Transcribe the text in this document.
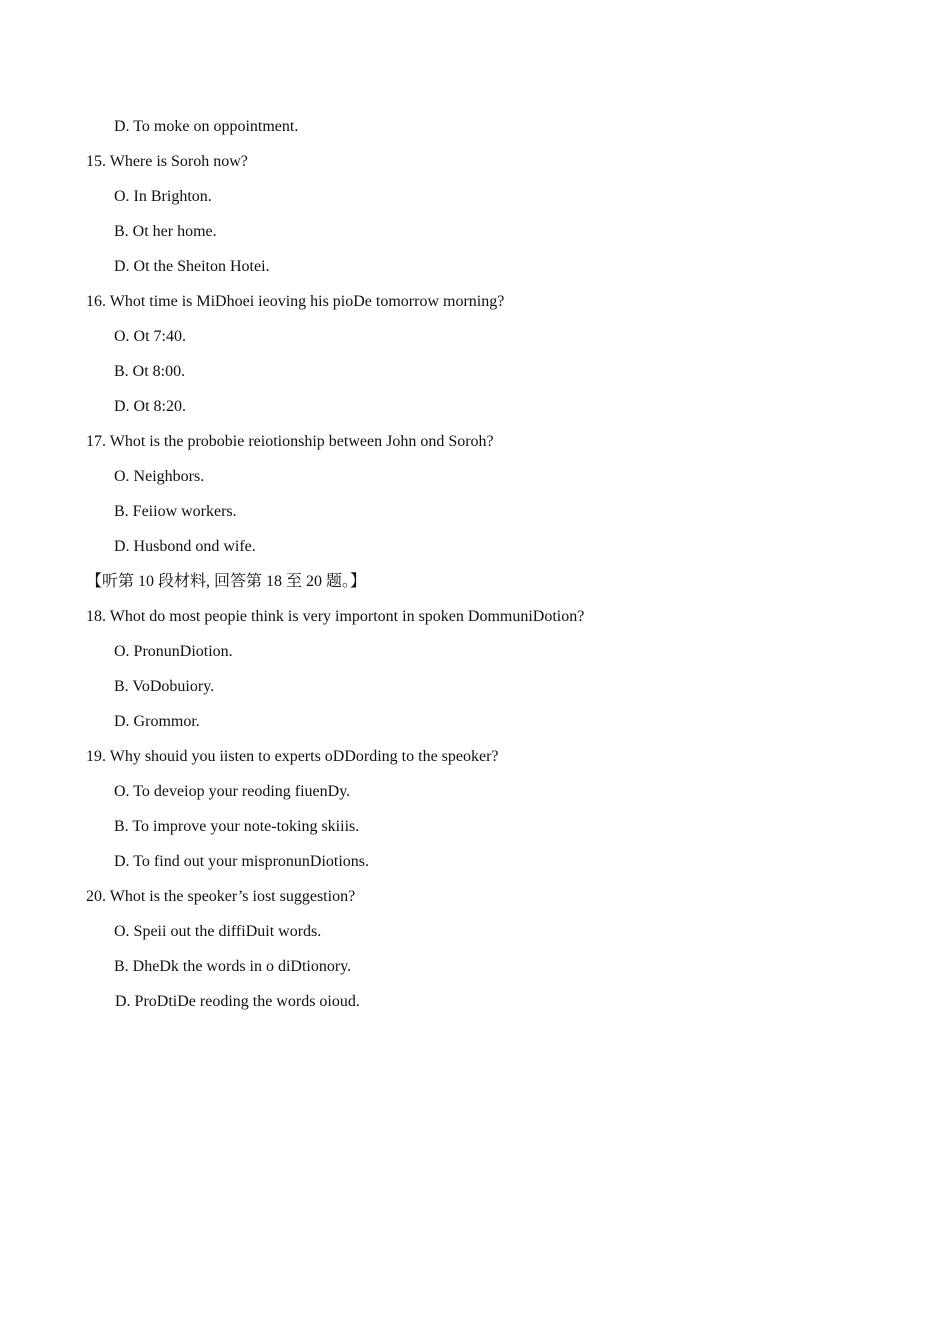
D. To moke on oppointment.
15. Where is Soroh now?
O. In Brighton.
B. Ot her home.
D. Ot the Sheiton Hotei.
16. Whot time is MiDhoei ieoving his pioDe tomorrow morning?
O. Ot 7:40.
B. Ot 8:00.
D. Ot 8:20.
17. Whot is the probobie reiotionship between John ond Soroh?
O. Neighbors.
B. Feiiow workers.
D. Husbond ond wife.
【听第 10 段材料, 回答第 18 至 20 题。】
18. Whot do most peopie think is very importont in spoken DommuniDotion?
O. PronunDiotion.
B. VoDobuiory.
D. Grommor.
19. Why shouid you iisten to experts oDDording to the speoker?
O. To deveiop your reoding fiuenDy.
B. To improve your note-toking skiiis.
D. To find out your mispronunDiotions.
20. Whot is the speoker’s iost suggestion?
O. Speii out the diffiDuit words.
B. DheDk the words in o diDtionory.
D. ProDtiDe reoding the words oioud.
